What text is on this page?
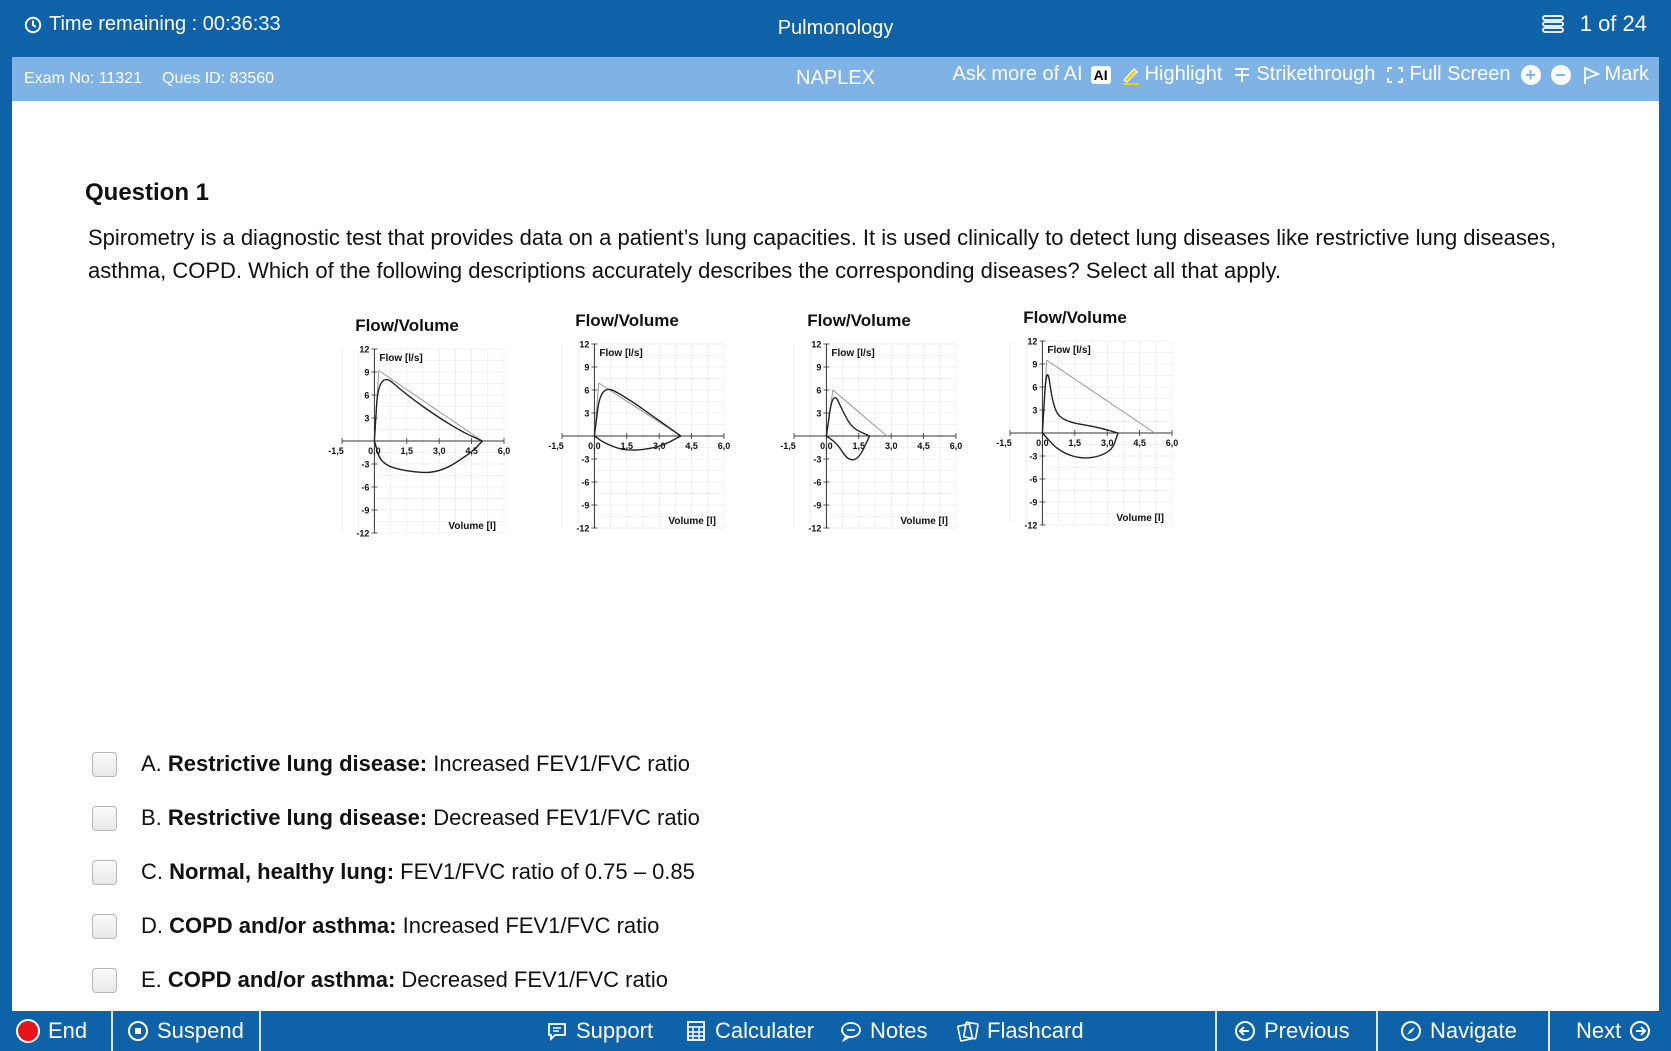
Time remaining : 00:36:33	Pulmonology	1 of 24
Exam No: 11321 Ques ID: 83560	NAPLEX	Ask more of AI AI Highlight Strikethrough Full Screen + − Mark
Question 1
Spirometry is a diagnostic test that provides data on a patient’s lung capacities. It is used clinically to detect lung diseases like restrictive lung diseases, asthma, COPD. Which of the following descriptions accurately describes the corresponding diseases? Select all that apply.
Flow/Volume
Flow [l/s]
Volume [l]
12
9
6
3
-3
-6
-9
-12
-1,5	0,0 1,5 3,0 4,5 6,0
Flow/Volume
Flow [l/s]
Volume [l]
12
9
6
3
-3
-6
-9
-12
-1,5	0,0 1,5 3,0 4,5 6,0
Flow/Volume
Flow [l/s]
Volume [l]
12
9
6
3
-3
-6
-9
-12
-1,5	0,0 1,5 3,0 4,5 6,0
Flow/Volume
Flow [l/s]
Volume [l]
12
9
6
3
-3
-6
-9
-12
-1,5	0,0 1,5 3,0 4,5 6,0
A. Restrictive lung disease: Increased FEV1/FVC ratio
B. Restrictive lung disease: Decreased FEV1/FVC ratio
C. Normal, healthy lung: FEV1/FVC ratio of 0.75 – 0.85
D. COPD and/or asthma: Increased FEV1/FVC ratio
E. COPD and/or asthma: Decreased FEV1/FVC ratio
End	Suspend	Support	Calculater	Notes	Flashcard	Previous	Navigate	Next
